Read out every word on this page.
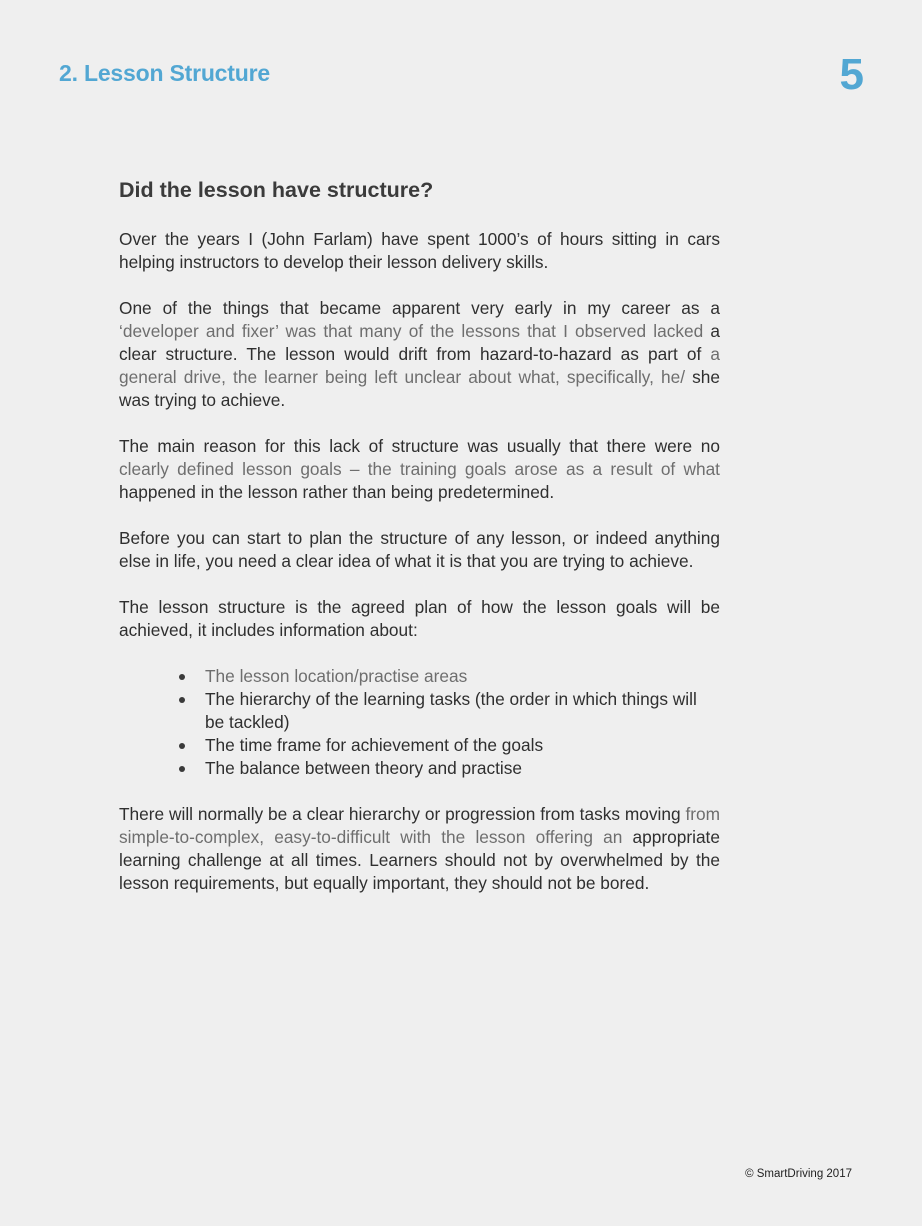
2. Lesson Structure	5
Did the lesson have structure?

Over the years I (John Farlam) have spent 1000’s of hours sitting in cars helping instructors to develop their lesson delivery skills.

One of the things that became apparent very early in my career as a ‘developer and fixer’ was that many of the lessons that I observed lacked a clear structure. The lesson would drift from hazard-to-hazard as part of a general drive, the learner being left unclear about what, specifically, he/ she was trying to achieve.

The main reason for this lack of structure was usually that there were no clearly defined lesson goals – the training goals arose as a result of what happened in the lesson rather than being predetermined.

Before you can start to plan the structure of any lesson, or indeed anything else in life, you need a clear idea of what it is that you are trying to achieve.

The lesson structure is the agreed plan of how the lesson goals will be achieved, it includes information about:

The lesson location/practise areas
The hierarchy of the learning tasks (the order in which things will be tackled)
The time frame for achievement of the goals
The balance between theory and practise

There will normally be a clear hierarchy or progression from tasks moving from simple-to-complex, easy-to-difficult with the lesson offering an appropriate learning challenge at all times. Learners should not by overwhelmed by the lesson requirements, but equally important, they should not be bored.

© SmartDriving 2017
